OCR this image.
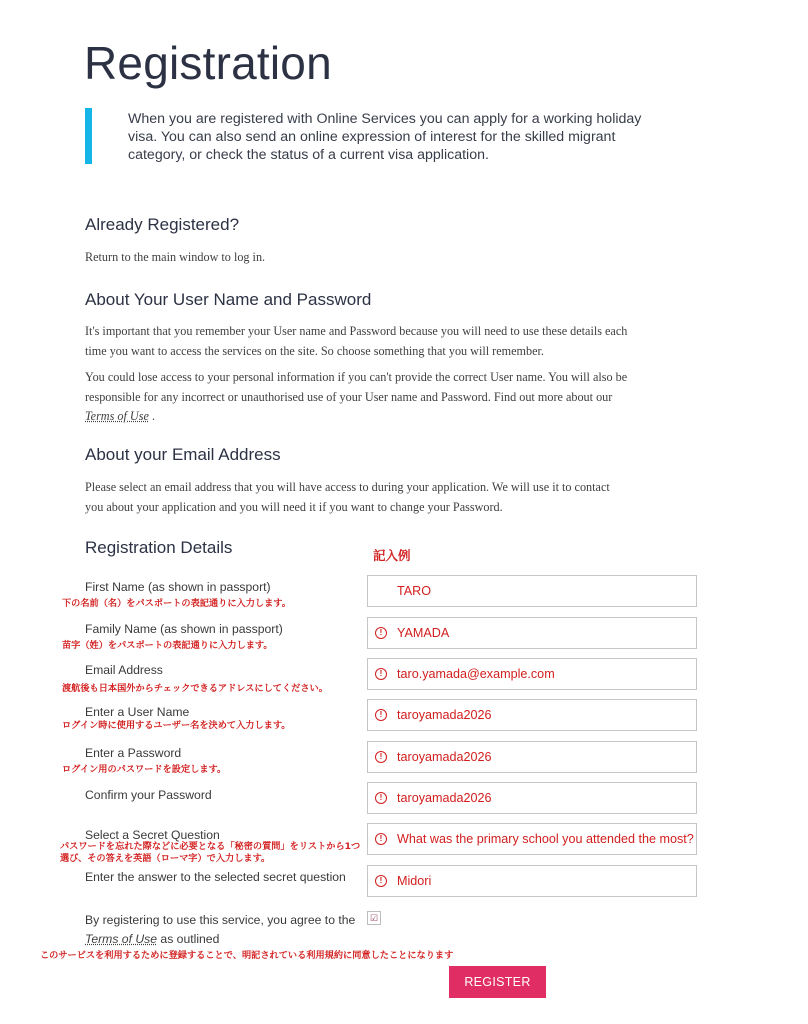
Registration
When you are registered with Online Services you can apply for a working holiday visa. You can also send an online expression of interest for the skilled migrant category, or check the status of a current visa application.
Already Registered?

Return to the main window to log in.

About Your User Name and Password

It's important that you remember your User name and Password because you will need to use these details each time you want to access the services on the site. So choose something that you will remember.

You could lose access to your personal information if you can't provide the correct User name. You will also be responsible for any incorrect or unauthorised use of your User name and Password. Find out more about our Terms of Use .

About your Email Address

Please select an email address that you will have access to during your application. We will use it to contact you about your application and you will need it if you want to change your Password.

Registration Details	記入例
First Name (as shown in passport)
下の名前（名）をパスポートの表記通りに入力します。
TARO
Family Name (as shown in passport)
苗字（姓）をパスポートの表記通りに入力します。
!	YAMADA
Email Address
渡航後も日本国外からチェックできるアドレスにしてください。
!	taro.yamada@example.com
Enter a User Name
ログイン時に使用するユーザー名を決めて入力します。
!	taroyamada2026
Enter a Password
ログイン用のパスワードを設定します。
!	taroyamada2026
Confirm your Password	!	taroyamada2026
Select a Secret Question
パスワードを忘れた際などに必要となる「秘密の質問」をリストから1つ選び、その答えを英語（ローマ字）で入力します。
!	What was the primary school you attended the most?
Enter the answer to the selected secret question	!	Midori
By registering to use this service, you agree to the
Terms of Use as outlined
☑
このサービスを利用するために登録することで、明記されている利用規約に同意したことになります
REGISTER
